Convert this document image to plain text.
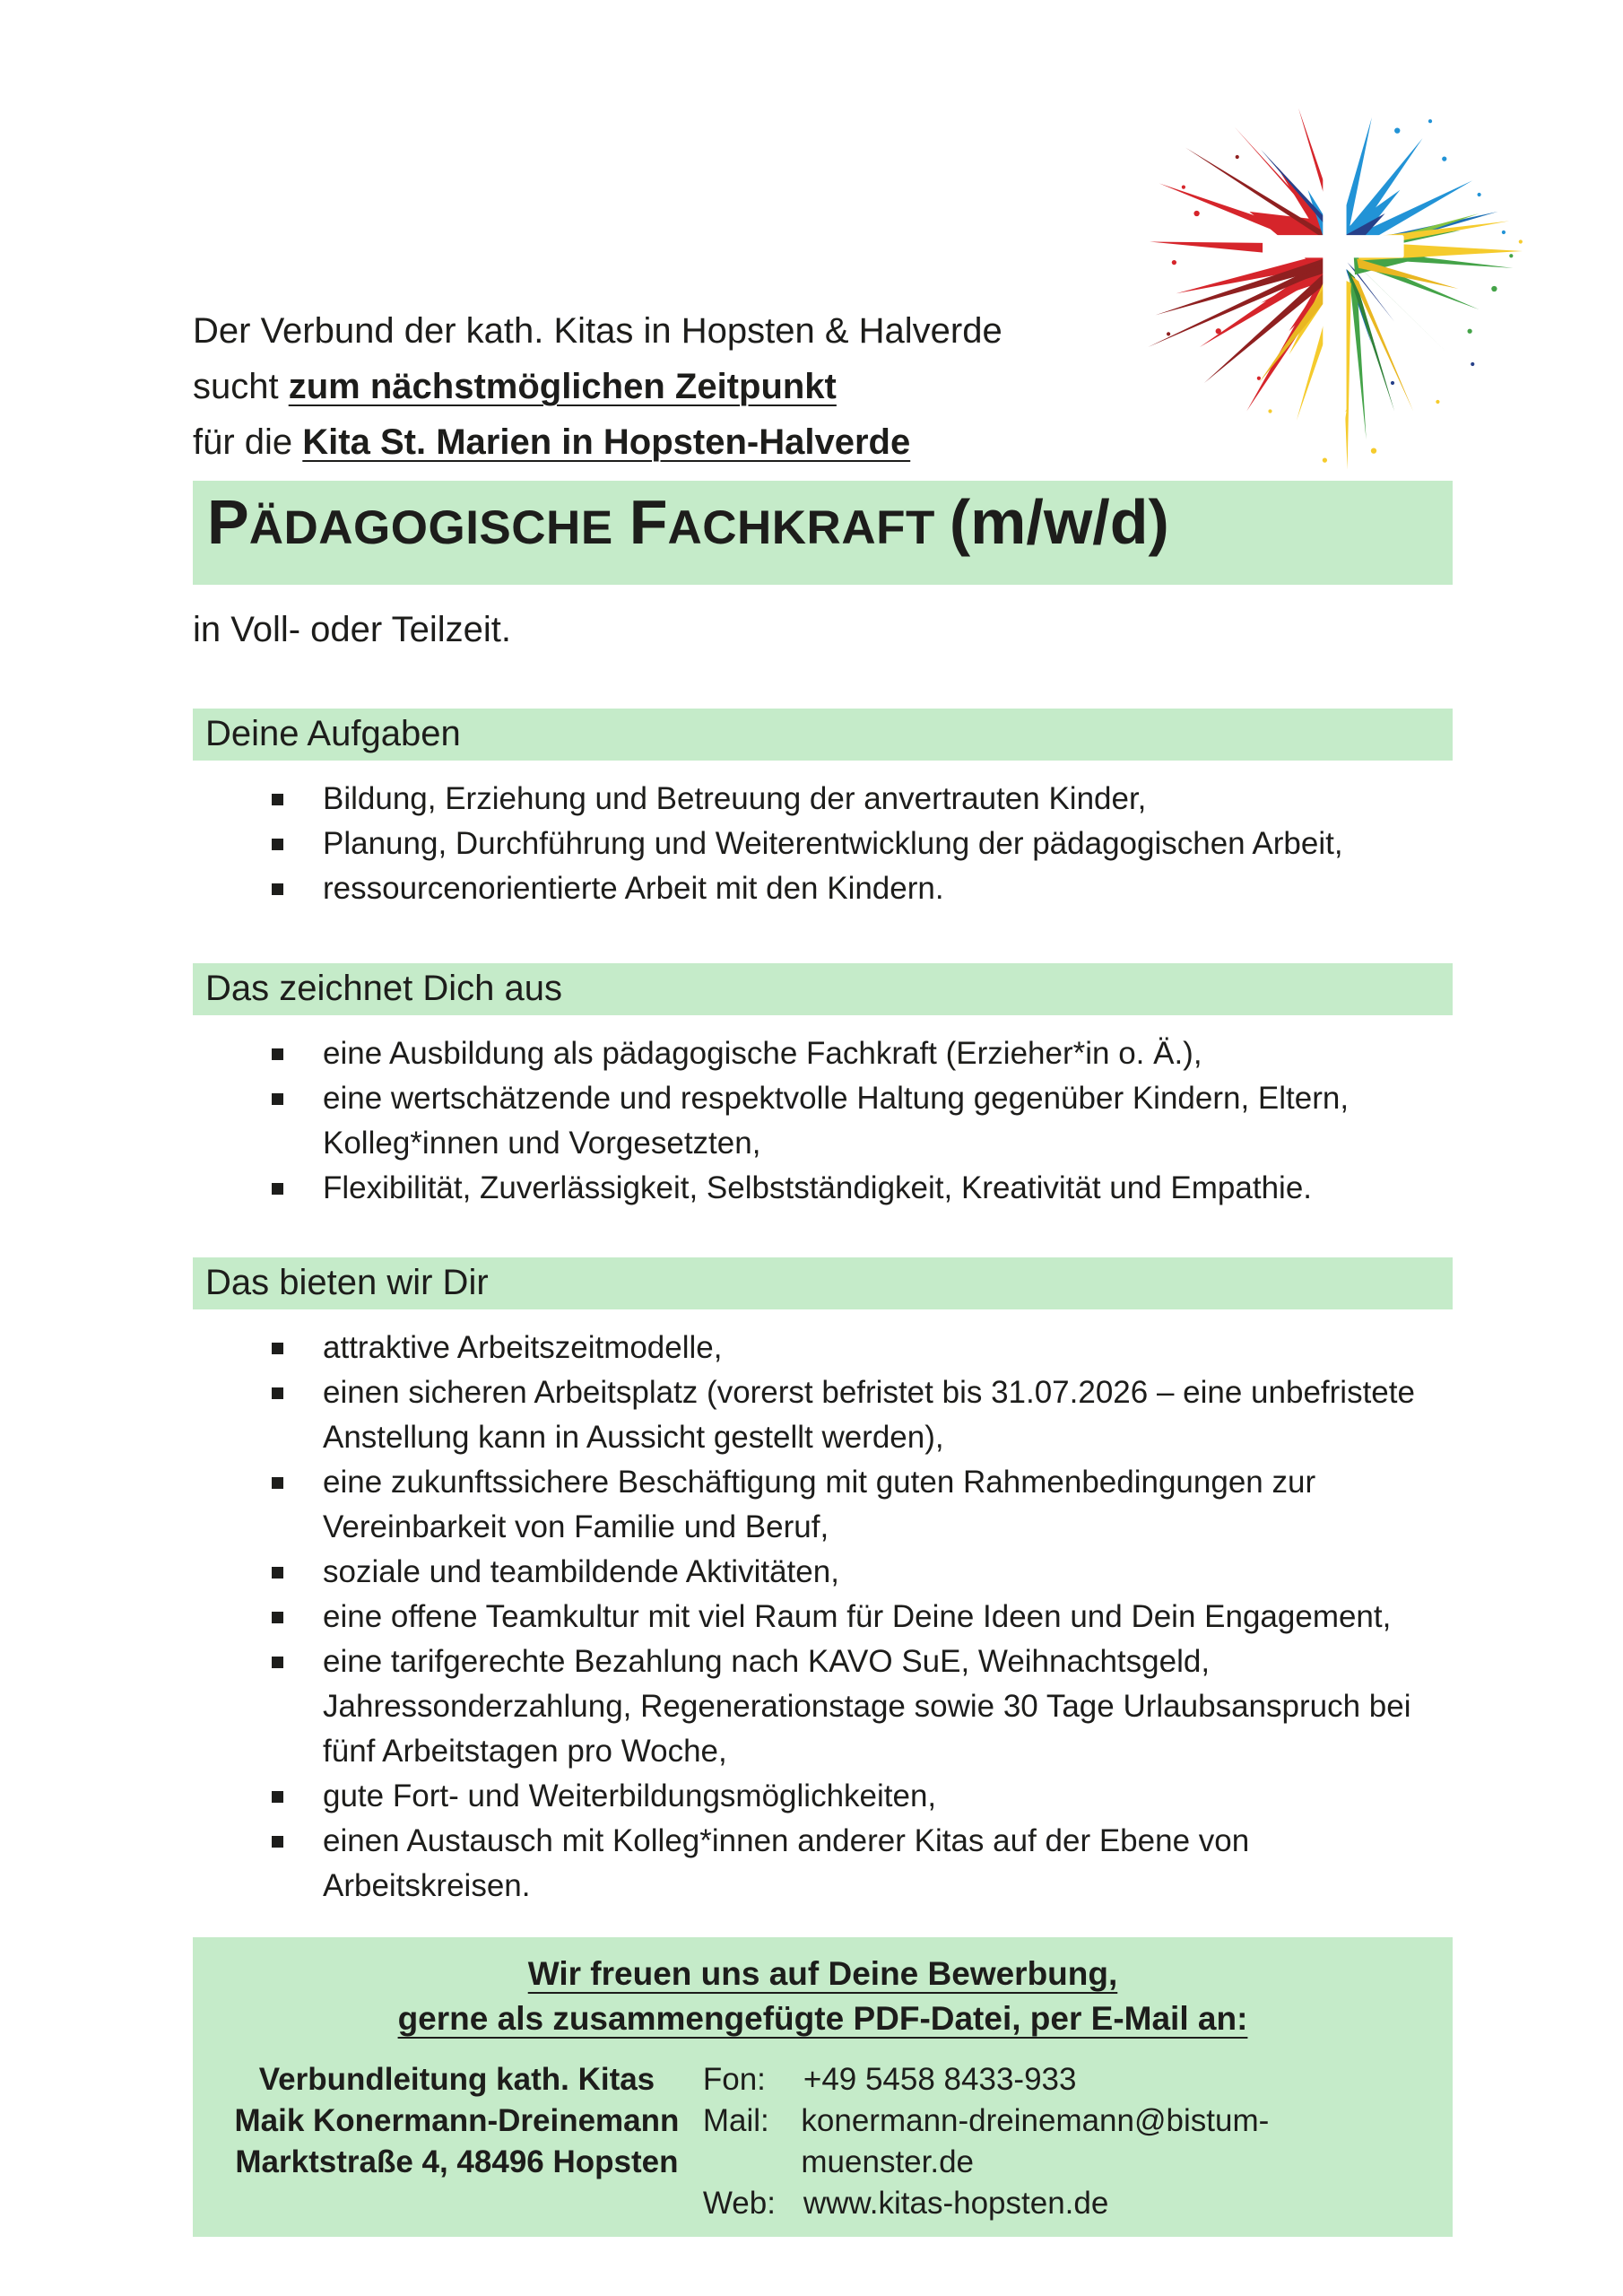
Der Verbund der kath. Kitas in Hopsten & Halverde
sucht zum nächstmöglichen Zeitpunkt
für die Kita St. Marien in Hopsten-Halverde
PÄDAGOGISCHE FACHKRAFT (m/w/d)
in Voll- oder Teilzeit.
Deine Aufgaben
Bildung, Erziehung und Betreuung der anvertrauten Kinder,
Planung, Durchführung und Weiterentwicklung der pädagogischen Arbeit,
ressourcenorientierte Arbeit mit den Kindern.
Das zeichnet Dich aus
eine Ausbildung als pädagogische Fachkraft (Erzieher*in o. Ä.),
eine wertschätzende und respektvolle Haltung gegenüber Kindern, Eltern, Kolleg*innen und Vorgesetzten,
Flexibilität, Zuverlässigkeit, Selbstständigkeit, Kreativität und Empathie.
Das bieten wir Dir
attraktive Arbeitszeitmodelle,
einen sicheren Arbeitsplatz (vorerst befristet bis 31.07.2026 – eine unbefristete Anstellung kann in Aussicht gestellt werden),
eine zukunftssichere Beschäftigung mit guten Rahmenbedingungen zur Vereinbarkeit von Familie und Beruf,
soziale und teambildende Aktivitäten,
eine offene Teamkultur mit viel Raum für Deine Ideen und Dein Engagement,
eine tarifgerechte Bezahlung nach KAVO SuE, Weihnachtsgeld, Jahressonderzahlung, Regenerationstage sowie 30 Tage Urlaubsanspruch bei fünf Arbeitstagen pro Woche,
gute Fort- und Weiterbildungsmöglichkeiten,
einen Austausch mit Kolleg*innen anderer Kitas auf der Ebene von Arbeitskreisen.
Wir freuen uns auf Deine Bewerbung,
gerne als zusammengefügte PDF-Datei, per E-Mail an:
Verbundleitung kath. Kitas
Maik Konermann-Dreinemann
Marktstraße 4, 48496 Hopsten
Fon:	+49 5458 8433-933
Mail:	konermann-dreinemann@bistum-muenster.de
Web: www.kitas-hopsten.de
